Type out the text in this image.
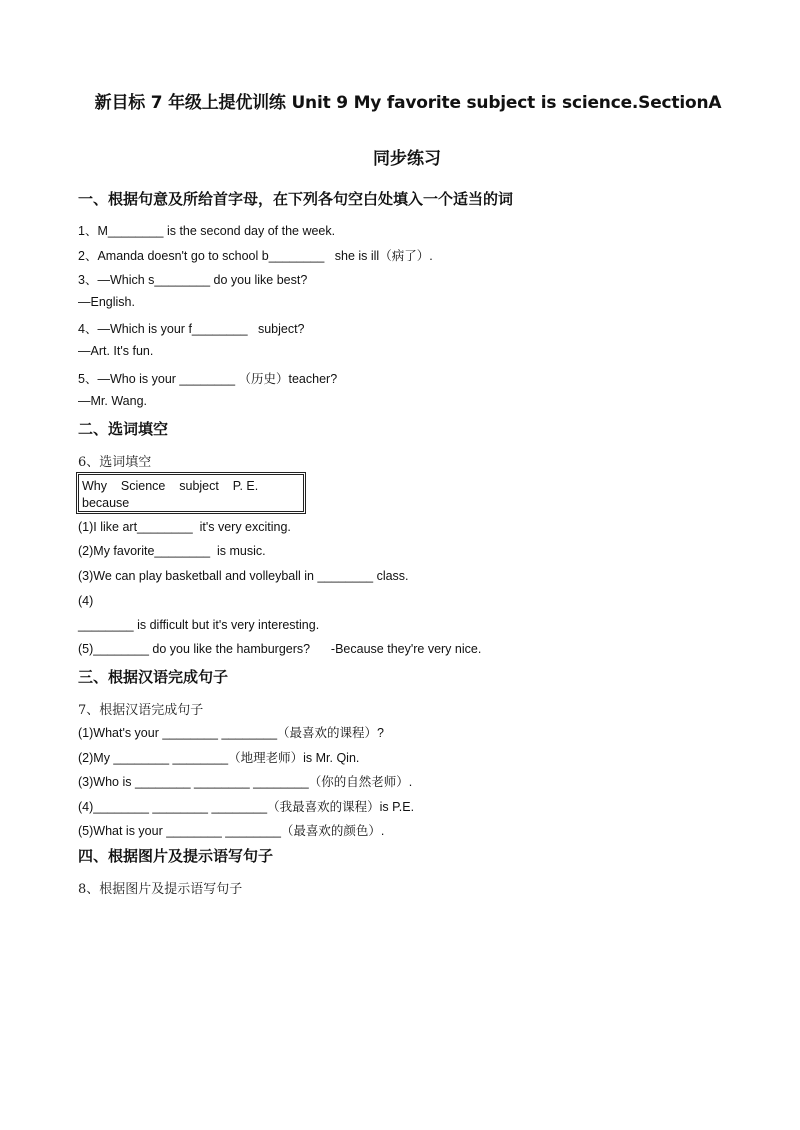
新目标 7 年级上提优训练 Unit 9 My favorite subject is science.SectionA
同步练习
一、根据句意及所给首字母，在下列各句空白处填入一个适当的词
1、M________ is the second day of the week.
2、Amanda doesn't go to school b________   she is ill（病了）.
3、—Which s________ do you like best?
—English.
4、—Which is your f________   subject?
—Art. It's fun.
5、—Who is your ________ （历史）teacher?
—Mr. Wang.
二、选词填空
6、选词填空
Why    Science    subject    P. E.
because
(1)I like art________  it's very exciting.
(2)My favorite________  is music.
(3)We can play basketball and volleyball in ________ class.
(4)
________ is difficult but it's very interesting.
(5)________ do you like the hamburgers?      -Because they're very nice.
三、根据汉语完成句子
7、根据汉语完成句子
(1)What's your ________ ________（最喜欢的课程）?
(2)My ________ ________（地理老师）is Mr. Qin.
(3)Who is ________ ________ ________（你的自然老师）.
(4)________ ________ ________（我最喜欢的课程）is P.E.
(5)What is your ________ ________（最喜欢的颜色）.
四、根据图片及提示语写句子
8、根据图片及提示语写句子
